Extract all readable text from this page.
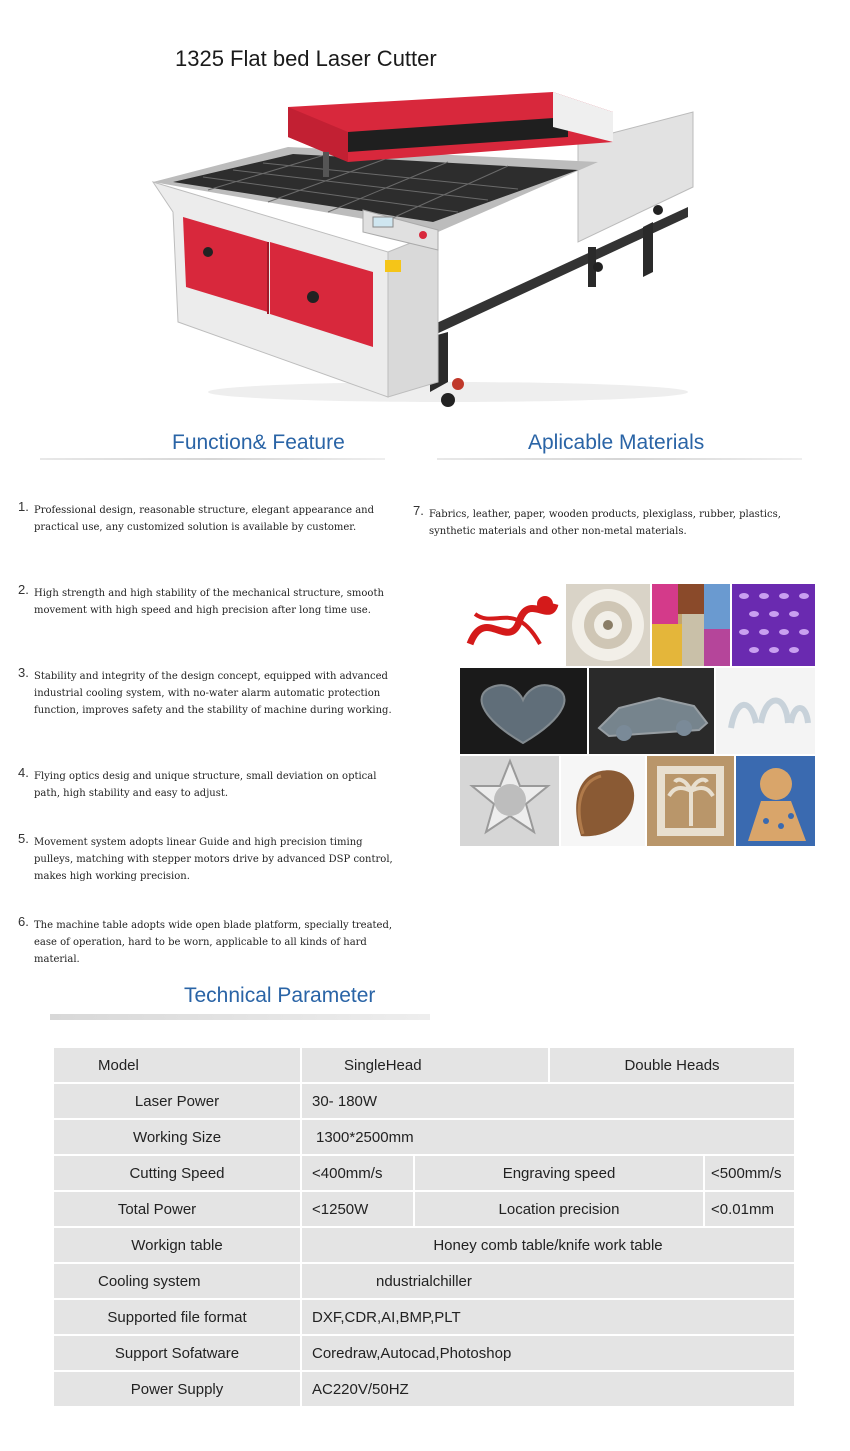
1325 Flat bed Laser Cutter
Function& Feature	Aplicable Materials
1. Professional design, reasonable structure, elegant appearance and practical use, any customized solution is available by customer.
2. High strength and high stability of the mechanical structure, smooth movement with high speed and high precision after long time use.
3. Stability and integrity of the design concept, equipped with advanced industrial cooling system, with no-water alarm automatic protection function, improves safety and the stability of machine during working.
4. Flying optics desig and unique structure, small deviation on optical path, high stability and easy to adjust.
5. Movement system adopts linear Guide and high precision timing pulleys, matching with stepper motors drive by advanced DSP control, makes high working precision.
6. The machine table adopts wide open blade platform, specially treated, ease of operation, hard to be worn, applicable to all kinds of hard material.
7. Fabrics, leather, paper, wooden products, plexiglass, rubber, plastics, synthetic materials and other non-metal materials.
Technical Parameter
Model	SingleHead		Double Heads	
Laser Power	30- 180W			
Working Size	1300*2500mm			
Cutting Speed	<400mm/s	Engraving speed		<500mm/s
Total Power	<1250W	Location precision		<0.01mm
Workign table	Honey comb table/knife work table			
Cooling system	ndustrialchiller			
Supported file format	DXF,CDR,AI,BMP,PLT			
Support Sofatware	Coredraw,Autocad,Photoshop			
Power Supply	AC220V/50HZ			
